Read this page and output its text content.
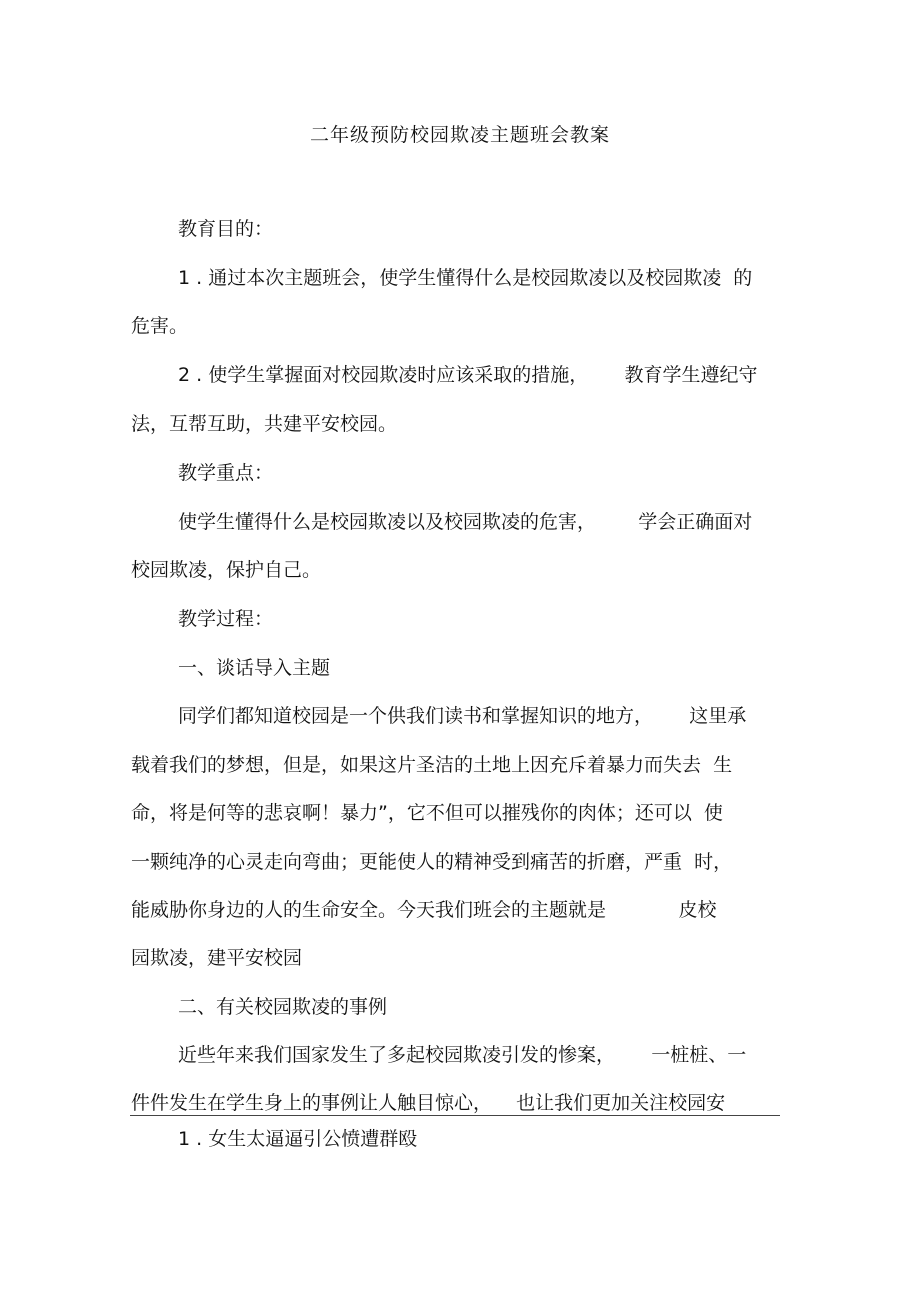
二年级预防校园欺凌主题班会教案
教育目的：
1 . 通过本次主题班会，使学生懂得什么是校园欺凌以及校园欺凌  的
危害。
2 . 使学生掌握面对校园欺凌时应该采取的措施，      教育学生遵纪守
法，互帮互助，共建平安校园。
教学重点：
使学生懂得什么是校园欺凌以及校园欺凌的危害，       学会正确面对
校园欺凌，保护自己。
教学过程：
一、谈话导入主题
同学们都知道校园是一个供我们读书和掌握知识的地方，      这里承
载着我们的梦想，但是，如果这片圣洁的土地上因充斥着暴力而失去  生
命，将是何等的悲哀啊！暴力”，它不但可以摧残你的肉体；还可以  使
一颗纯净的心灵走向弯曲；更能使人的精神受到痛苦的折磨，严重  时，
能威胁你身边的人的生命安全。今天我们班会的主题就是            皮校
园欺凌，建平安校园
二、有关校园欺凌的事例
近些年来我们国家发生了多起校园欺凌引发的惨案，      一桩桩、一
件件发生在学生身上的事例让人触目惊心，    也让我们更加关注校园安
1 . 女生太逼逼引公愤遭群殴
